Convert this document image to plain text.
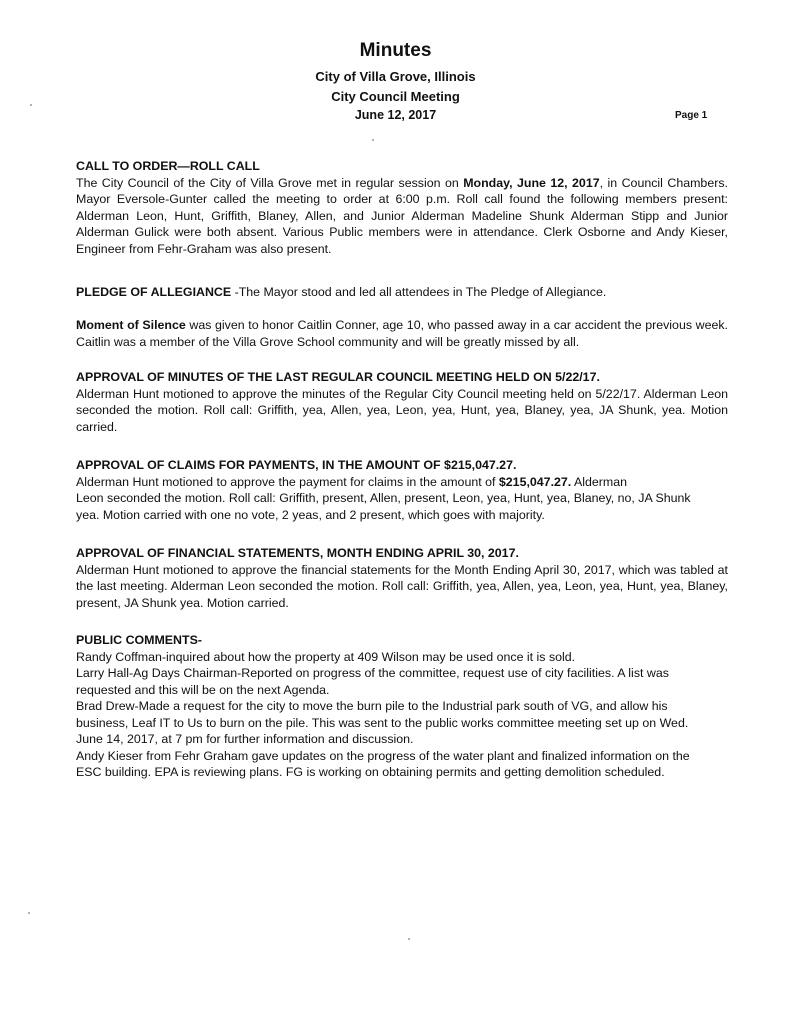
Minutes
City of Villa Grove, Illinois
City Council Meeting
June 12, 2017	Page 1
CALL TO ORDER—ROLL CALL
The City Council of the City of Villa Grove met in regular session on Monday, June 12, 2017, in Council Chambers. Mayor Eversole-Gunter called the meeting to order at 6:00 p.m. Roll call found the following members present: Alderman Leon, Hunt, Griffith, Blaney, Allen, and Junior Alderman Madeline Shunk Alderman Stipp and Junior Alderman Gulick were both absent. Various Public members were in attendance. Clerk Osborne and Andy Kieser, Engineer from Fehr-Graham was also present.
PLEDGE OF ALLEGIANCE -The Mayor stood and led all attendees in The Pledge of Allegiance.
Moment of Silence was given to honor Caitlin Conner, age 10, who passed away in a car accident the previous week. Caitlin was a member of the Villa Grove School community and will be greatly missed by all.
APPROVAL OF MINUTES OF THE LAST REGULAR COUNCIL MEETING HELD ON 5/22/17.
Alderman Hunt motioned to approve the minutes of the Regular City Council meeting held on 5/22/17. Alderman Leon seconded the motion. Roll call: Griffith, yea, Allen, yea, Leon, yea, Hunt, yea, Blaney, yea, JA Shunk, yea. Motion carried.
APPROVAL OF CLAIMS FOR PAYMENTS, IN THE AMOUNT OF $215,047.27.
Alderman Hunt motioned to approve the payment for claims in the amount of $215,047.27. Alderman
Leon seconded the motion. Roll call: Griffith, present, Allen, present, Leon, yea, Hunt, yea, Blaney, no, JA Shunk
yea. Motion carried with one no vote, 2 yeas, and 2 present, which goes with majority.
APPROVAL OF FINANCIAL STATEMENTS, MONTH ENDING APRIL 30, 2017.
Alderman Hunt motioned to approve the financial statements for the Month Ending April 30, 2017, which was tabled at the last meeting. Alderman Leon seconded the motion. Roll call: Griffith, yea, Allen, yea, Leon, yea, Hunt, yea, Blaney, present, JA Shunk yea. Motion carried.
PUBLIC COMMENTS-
Randy Coffman-inquired about how the property at 409 Wilson may be used once it is sold.
Larry Hall-Ag Days Chairman-Reported on progress of the committee, request use of city facilities. A list was
requested and this will be on the next Agenda.
Brad Drew-Made a request for the city to move the burn pile to the Industrial park south of VG, and allow his
business, Leaf IT to Us to burn on the pile. This was sent to the public works committee meeting set up on Wed.
June 14, 2017, at 7 pm for further information and discussion.
Andy Kieser from Fehr Graham gave updates on the progress of the water plant and finalized information on the
ESC building. EPA is reviewing plans. FG is working on obtaining permits and getting demolition scheduled.
